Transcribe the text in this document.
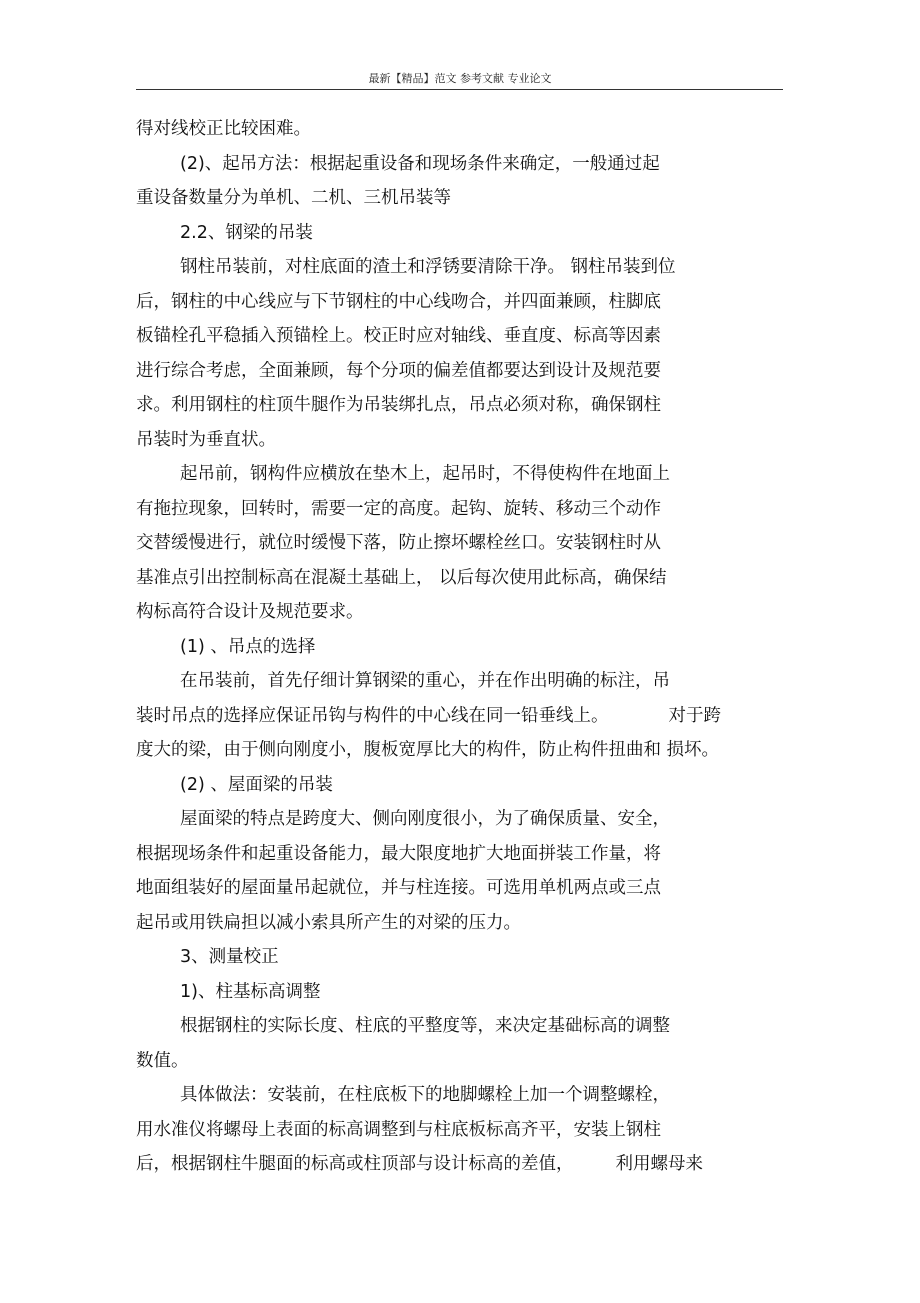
最新【精品】范文 参考文献 专业论文
得对线校正比较困难。
(2)、起吊方法：根据起重设备和现场条件来确定，一般通过起
重设备数量分为单机、二机、三机吊装等
2.2、钢梁的吊装
钢柱吊装前，对柱底面的渣土和浮锈要清除干净。 钢柱吊装到位
后，钢柱的中心线应与下节钢柱的中心线吻合，并四面兼顾，柱脚底
板锚栓孔平稳插入预锚栓上。校正时应对轴线、垂直度、标高等因素
进行综合考虑，全面兼顾，每个分项的偏差值都要达到设计及规范要
求。利用钢柱的柱顶牛腿作为吊装绑扎点，吊点必须对称，确保钢柱
吊装时为垂直状。
起吊前，钢构件应横放在垫木上，起吊时，不得使构件在地面上
有拖拉现象，回转时，需要一定的高度。起钩、旋转、移动三个动作
交替缓慢进行，就位时缓慢下落，防止擦坏螺栓丝口。安装钢柱时从
基准点引出控制标高在混凝土基础上， 以后每次使用此标高，确保结
构标高符合设计及规范要求。
(1) 、吊点的选择
在吊装前，首先仔细计算钢梁的重心，并在作出明确的标注，吊
装时吊点的选择应保证吊钩与构件的中心线在同一铅垂线上。	对于跨
度大的梁，由于侧向刚度小，腹板宽厚比大的构件，防止构件扭曲和 损坏。
(2) 、屋面梁的吊装
屋面梁的特点是跨度大、侧向刚度很小，为了确保质量、安全，
根据现场条件和起重设备能力，最大限度地扩大地面拼装工作量，将
地面组装好的屋面量吊起就位，并与柱连接。可选用单机两点或三点
起吊或用铁扁担以减小索具所产生的对梁的压力。
3、测量校正
1)、柱基标高调整
根据钢柱的实际长度、柱底的平整度等，来决定基础标高的调整
数值。
具体做法：安装前，在柱底板下的地脚螺栓上加一个调整螺栓，
用水准仪将螺母上表面的标高调整到与柱底板标高齐平，安装上钢柱
后，根据钢柱牛腿面的标高或柱顶部与设计标高的差值， 利用螺母来
